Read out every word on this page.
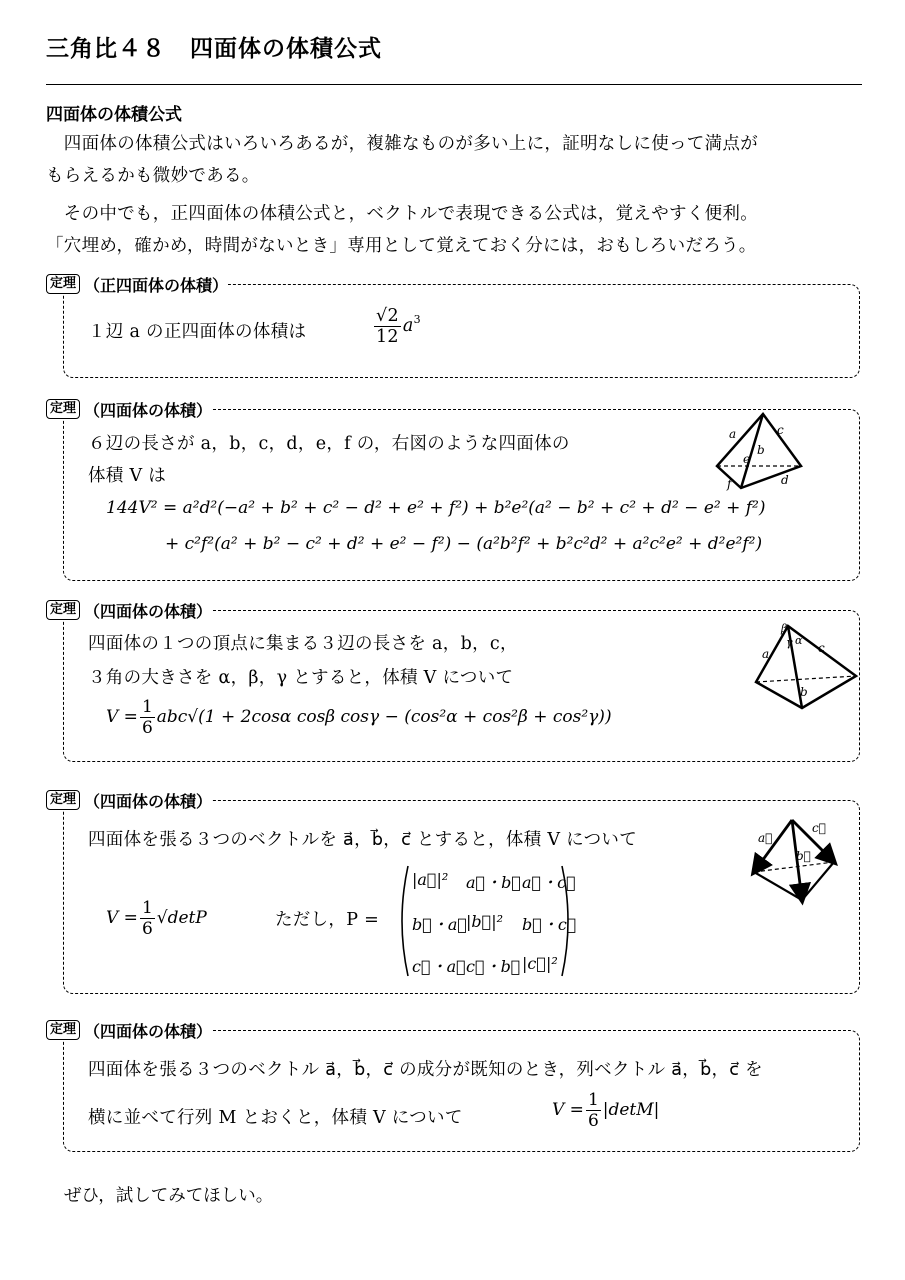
三角比４８　四面体の体積公式
四面体の体積公式
　四面体の体積公式はいろいろあるが，複雑なものが多い上に，証明なしに使って満点が
もらえるかも微妙である。
　その中でも，正四面体の体積公式と，ベクトルで表現できる公式は，覚えやすく便利。
「穴埋め，確かめ，時間がないとき」専用として覚えておく分には，おもしろいだろう。
定理 （正四面体の体積）
１辺 a の正四面体の体積は	$\frac{√2}{12} a^3$
定理 （四面体の体積）
６辺の長さが a，b，c，d，e，f の，右図のような四面体の
体積 V は
144V² = a²d²(−a² + b² + c² − d² + e² + f²) + b²e²(a² − b² + c² + d² − e² + f²)
+ c²f²(a² + b² − c² + d² + e² − f²) − (a²b²f² + b²c²d² + a²c²e² + d²e²f²)
a	c
b
e
f	d
定理 （四面体の体積）
四面体の１つの頂点に集まる３辺の長さを a，b，c，
３角の大きさを α，β，γ とすると，体積 V について
$V = \frac{1}{6} abc√(1 + 2\cos\alpha$ cosβ cosγ − (cos²α + cos²β + cos²γ))
β
γ α
a	c
b
定理 （四面体の体積）
四面体を張る３つのベクトルを a⃗，b⃗，c⃗ とすると，体積 V について
$V = \frac{1}{6} √\det P$	ただし，P =
|a⃗|² a⃗・b⃗ a⃗・c⃗
b⃗・a⃗ |b⃗|² b⃗・c⃗
c⃗・a⃗ c⃗・b⃗ |c⃗|²
a⃗
c⃗
b⃗
定理 （四面体の体積）
四面体を張る３つのベクトル a⃗，b⃗，c⃗ の成分が既知のとき，列ベクトル a⃗，b⃗，c⃗ を
横に並べて行列 M とおくと，体積 V について	$V = \frac{1}{6} |\det M|$
ぜひ，試してみてほしい。
